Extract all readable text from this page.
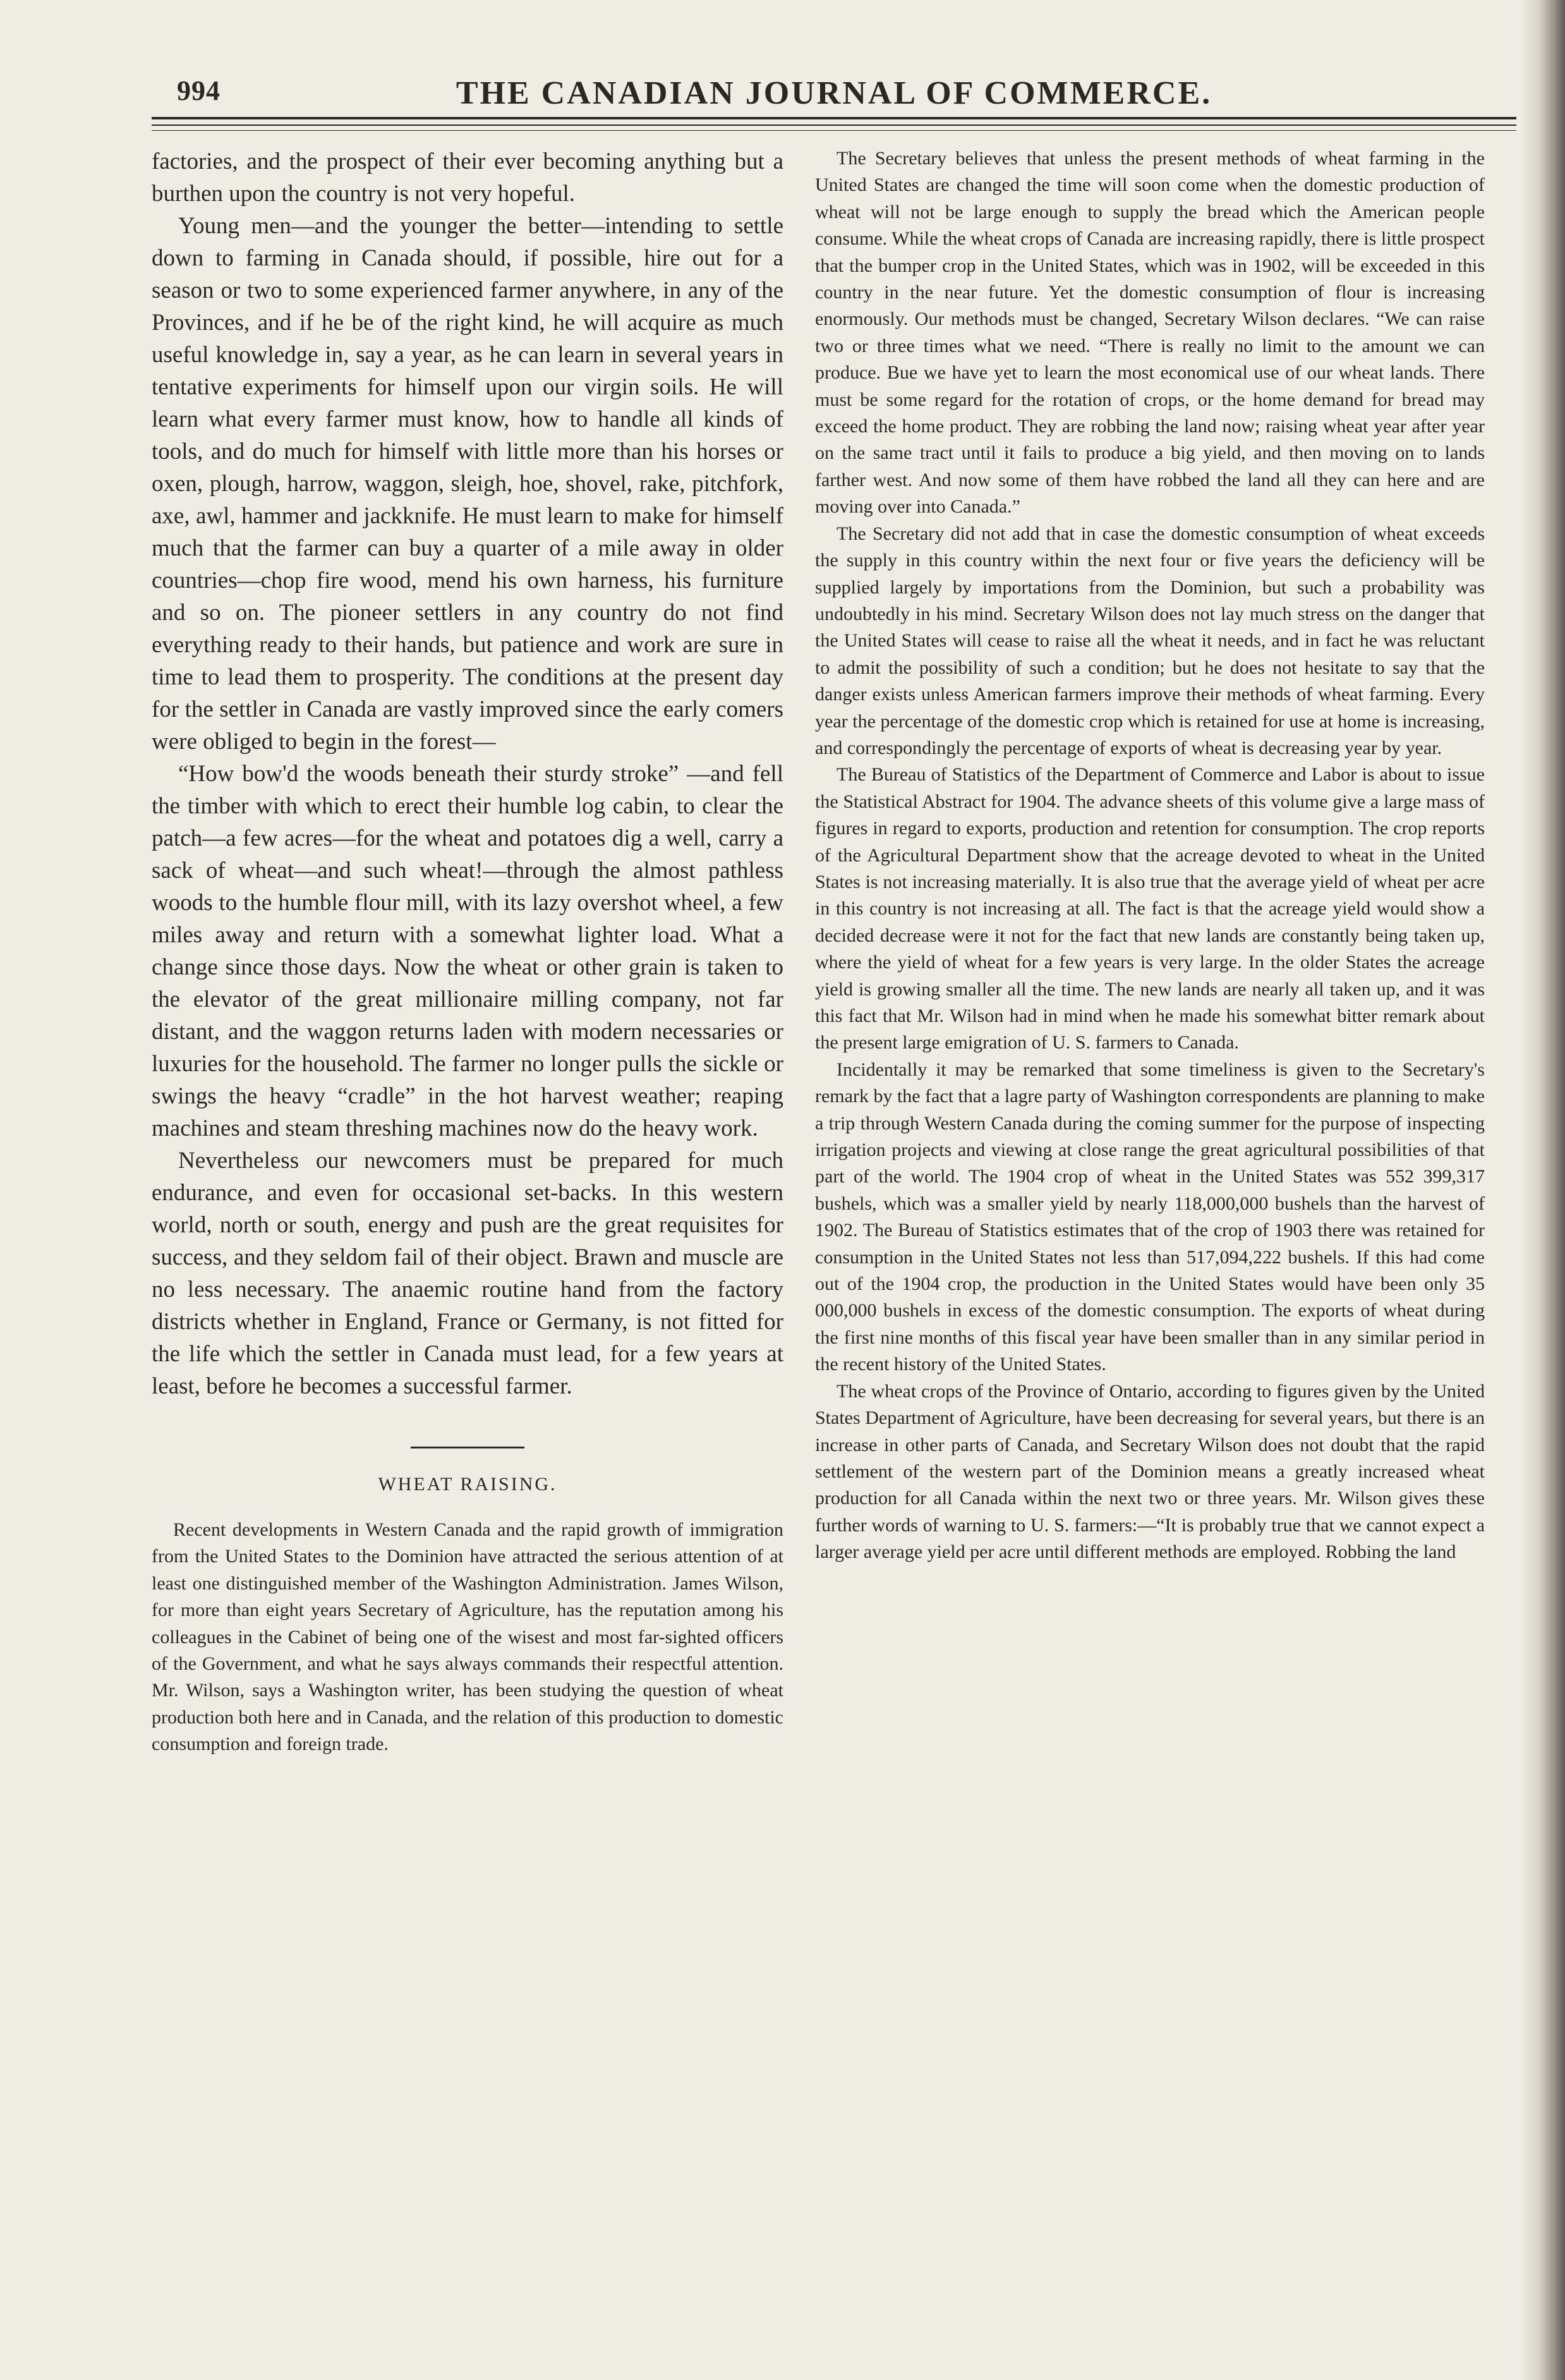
994	THE CANADIAN JOURNAL OF COMMERCE.

factories, and the prospect of their ever becoming anything but a burthen upon the country is not very hopeful.

Young men—and the younger the better—intending to settle down to farming in Canada should, if possible, hire out for a season or two to some experienced farmer anywhere, in any of the Provinces, and if he be of the right kind, he will acquire as much useful knowledge in, say a year, as he can learn in several years in tentative experiments for himself upon our virgin soils. He will learn what every farmer must know, how to handle all kinds of tools, and do much for himself with little more than his horses or oxen, plough, harrow, waggon, sleigh, hoe, shovel, rake, pitchfork, axe, awl, hammer and jackknife. He must learn to make for himself much that the farmer can buy a quarter of a mile away in older countries—chop fire wood, mend his own harness, his furniture and so on. The pioneer settlers in any country do not find everything ready to their hands, but patience and work are sure in time to lead them to prosperity. The conditions at the present day for the settler in Canada are vastly improved since the early comers were obliged to begin in the forest—

“How bow'd the woods beneath their sturdy stroke” —and fell the timber with which to erect their humble log cabin, to clear the patch—a few acres—for the wheat and potatoes dig a well, carry a sack of wheat—and such wheat!—through the almost pathless woods to the humble flour mill, with its lazy overshot wheel, a few miles away and return with a somewhat lighter load. What a change since those days. Now the wheat or other grain is taken to the elevator of the great millionaire milling company, not far distant, and the waggon returns laden with modern necessaries or luxuries for the household. The farmer no longer pulls the sickle or swings the heavy “cradle” in the hot harvest weather; reaping machines and steam threshing machines now do the heavy work.

Nevertheless our newcomers must be prepared for much endurance, and even for occasional set-backs. In this western world, north or south, energy and push are the great requisites for success, and they seldom fail of their object. Brawn and muscle are no less necessary. The anaemic routine hand from the factory districts whether in England, France or Germany, is not fitted for the life which the settler in Canada must lead, for a few years at least, before he becomes a successful farmer.

WHEAT RAISING.

Recent developments in Western Canada and the rapid growth of immigration from the United States to the Dominion have attracted the serious attention of at least one distinguished member of the Washington Administration. James Wilson, for more than eight years Secretary of Agriculture, has the reputation among his colleagues in the Cabinet of being one of the wisest and most far-sighted officers of the Government, and what he says always commands their respectful attention. Mr. Wilson, says a Washington writer, has been studying the question of wheat production both here and in Canada, and the relation of this production to domestic consumption and foreign trade.

The Secretary believes that unless the present methods of wheat farming in the United States are changed the time will soon come when the domestic production of wheat will not be large enough to supply the bread which the American people consume. While the wheat crops of Canada are increasing rapidly, there is little prospect that the bumper crop in the United States, which was in 1902, will be exceeded in this country in the near future. Yet the domestic consumption of flour is increasing enormously. Our methods must be changed, Secretary Wilson declares. “We can raise two or three times what we need. “There is really no limit to the amount we can produce. Bue we have yet to learn the most economical use of our wheat lands. There must be some regard for the rotation of crops, or the home demand for bread may exceed the home product. They are robbing the land now; raising wheat year after year on the same tract until it fails to produce a big yield, and then moving on to lands farther west. And now some of them have robbed the land all they can here and are moving over into Canada.”

The Secretary did not add that in case the domestic consumption of wheat exceeds the supply in this country within the next four or five years the deficiency will be supplied largely by importations from the Dominion, but such a probability was undoubtedly in his mind. Secretary Wilson does not lay much stress on the danger that the United States will cease to raise all the wheat it needs, and in fact he was reluctant to admit the possibility of such a condition; but he does not hesitate to say that the danger exists unless American farmers improve their methods of wheat farming. Every year the percentage of the domestic crop which is retained for use at home is increasing, and correspondingly the percentage of exports of wheat is decreasing year by year.

The Bureau of Statistics of the Department of Commerce and Labor is about to issue the Statistical Abstract for 1904. The advance sheets of this volume give a large mass of figures in regard to exports, production and retention for consumption. The crop reports of the Agricultural Department show that the acreage devoted to wheat in the United States is not increasing materially. It is also true that the average yield of wheat per acre in this country is not increasing at all. The fact is that the acreage yield would show a decided decrease were it not for the fact that new lands are constantly being taken up, where the yield of wheat for a few years is very large. In the older States the acreage yield is growing smaller all the time. The new lands are nearly all taken up, and it was this fact that Mr. Wilson had in mind when he made his somewhat bitter remark about the present large emigration of U. S. farmers to Canada.

Incidentally it may be remarked that some timeliness is given to the Secretary's remark by the fact that a lagre party of Washington correspondents are planning to make a trip through Western Canada during the coming summer for the purpose of inspecting irrigation projects and viewing at close range the great agricultural possibilities of that part of the world. The 1904 crop of wheat in the United States was 552 399,317 bushels, which was a smaller yield by nearly 118,000,000 bushels than the harvest of 1902. The Bureau of Statistics estimates that of the crop of 1903 there was retained for consumption in the United States not less than 517,094,222 bushels. If this had come out of the 1904 crop, the production in the United States would have been only 35 000,000 bushels in excess of the domestic consumption. The exports of wheat during the first nine months of this fiscal year have been smaller than in any similar period in the recent history of the United States.

The wheat crops of the Province of Ontario, according to figures given by the United States Department of Agriculture, have been decreasing for several years, but there is an increase in other parts of Canada, and Secretary Wilson does not doubt that the rapid settlement of the western part of the Dominion means a greatly increased wheat production for all Canada within the next two or three years. Mr. Wilson gives these further words of warning to U. S. farmers:—“It is probably true that we cannot expect a larger average yield per acre until different methods are employed. Robbing the land
